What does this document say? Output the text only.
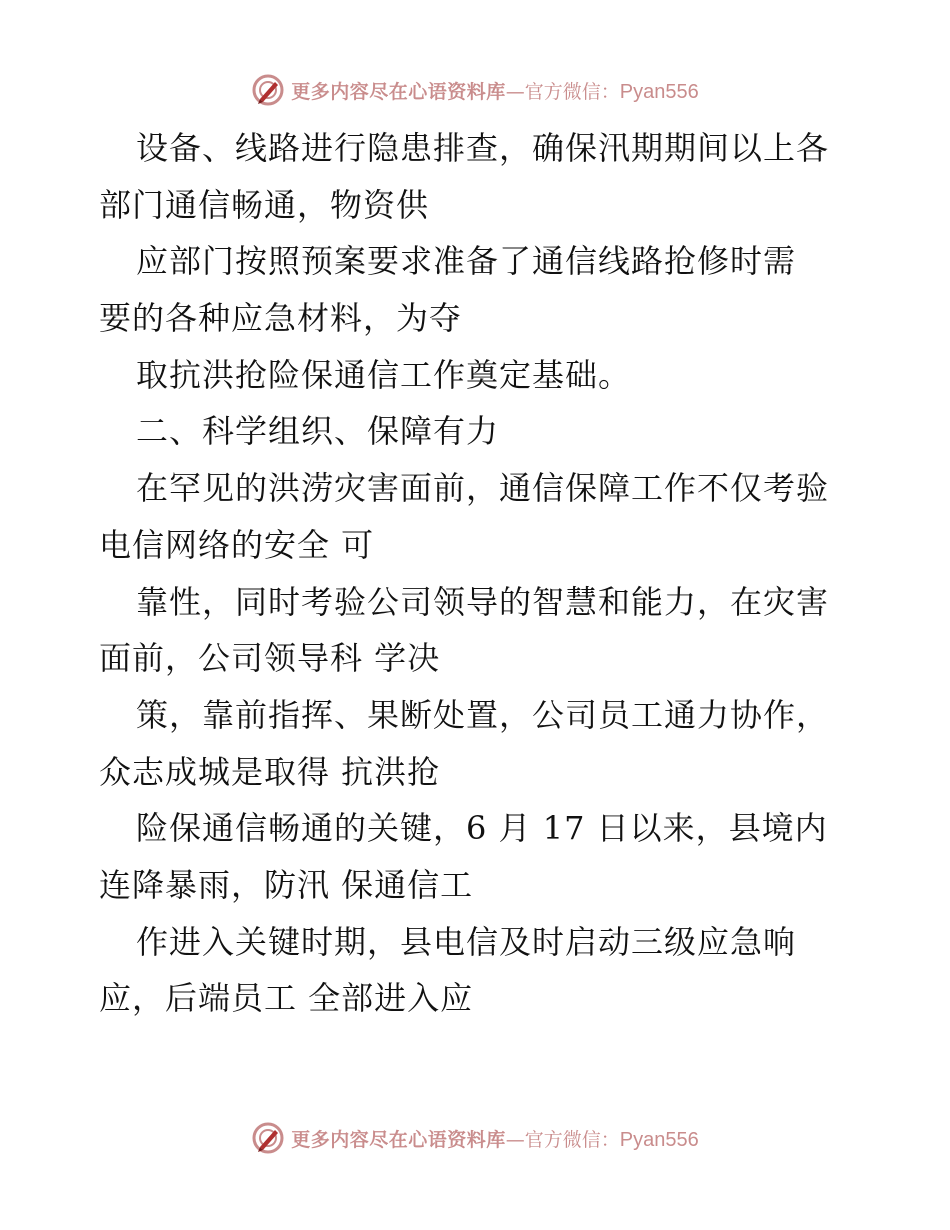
更多内容尽在心语资料库 — 官方微信： Pyan556
设备、线路进行隐患排查，确保汛期期间以上各
部门通信畅通，物资供
应部门按照预案要求准备了通信线路抢修时需
要的各种应急材料，为夺
取抗洪抢险保通信工作奠定基础。
二、科学组织、保障有力
在罕见的洪涝灾害面前，通信保障工作不仅考验
电信网络的安全 可
靠性，同时考验公司领导的智慧和能力，在灾害
面前，公司领导科 学决
策，靠前指挥、果断处置，公司员工通力协作，
众志成城是取得 抗洪抢
险保通信畅通的关键，6 月 17 日以来，县境内
连降暴雨，防汛 保通信工
作进入关键时期，县电信及时启动三级应急响
应，后端员工 全部进入应
更多内容尽在心语资料库 — 官方微信： Pyan556
